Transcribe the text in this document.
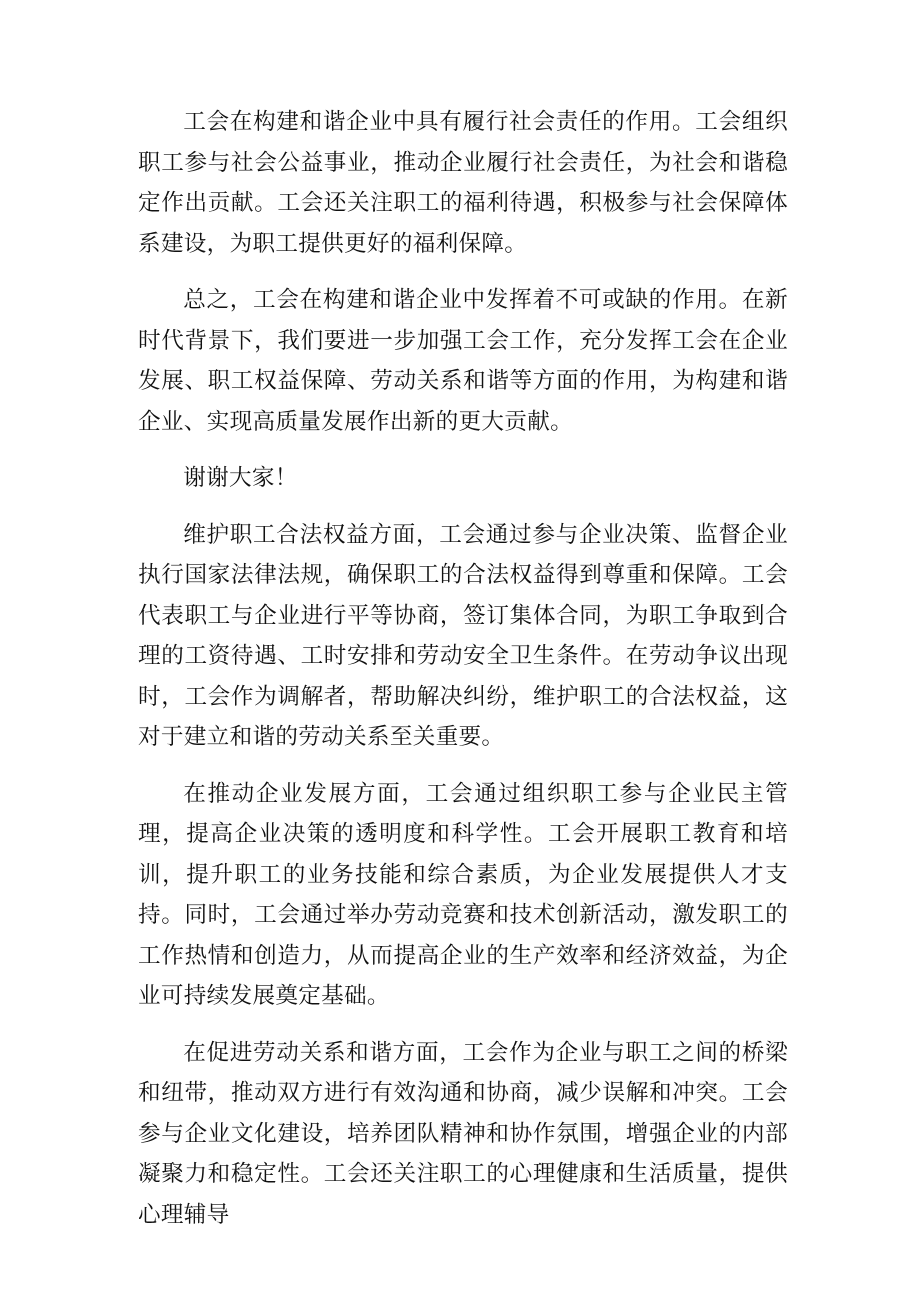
工会在构建和谐企业中具有履行社会责任的作用。工会组织职工参与社会公益事业，推动企业履行社会责任，为社会和谐稳定作出贡献。工会还关注职工的福利待遇，积极参与社会保障体系建设，为职工提供更好的福利保障。

总之，工会在构建和谐企业中发挥着不可或缺的作用。在新时代背景下，我们要进一步加强工会工作，充分发挥工会在企业发展、职工权益保障、劳动关系和谐等方面的作用，为构建和谐企业、实现高质量发展作出新的更大贡献。

谢谢大家！

维护职工合法权益方面，工会通过参与企业决策、监督企业执行国家法律法规，确保职工的合法权益得到尊重和保障。工会代表职工与企业进行平等协商，签订集体合同，为职工争取到合理的工资待遇、工时安排和劳动安全卫生条件。在劳动争议出现时，工会作为调解者，帮助解决纠纷，维护职工的合法权益，这对于建立和谐的劳动关系至关重要。

在推动企业发展方面，工会通过组织职工参与企业民主管理，提高企业决策的透明度和科学性。工会开展职工教育和培训，提升职工的业务技能和综合素质，为企业发展提供人才支持。同时，工会通过举办劳动竞赛和技术创新活动，激发职工的工作热情和创造力，从而提高企业的生产效率和经济效益，为企业可持续发展奠定基础。

在促进劳动关系和谐方面，工会作为企业与职工之间的桥梁和纽带，推动双方进行有效沟通和协商，减少误解和冲突。工会参与企业文化建设，培养团队精神和协作氛围，增强企业的内部凝聚力和稳定性。工会还关注职工的心理健康和生活质量，提供心理辅导
